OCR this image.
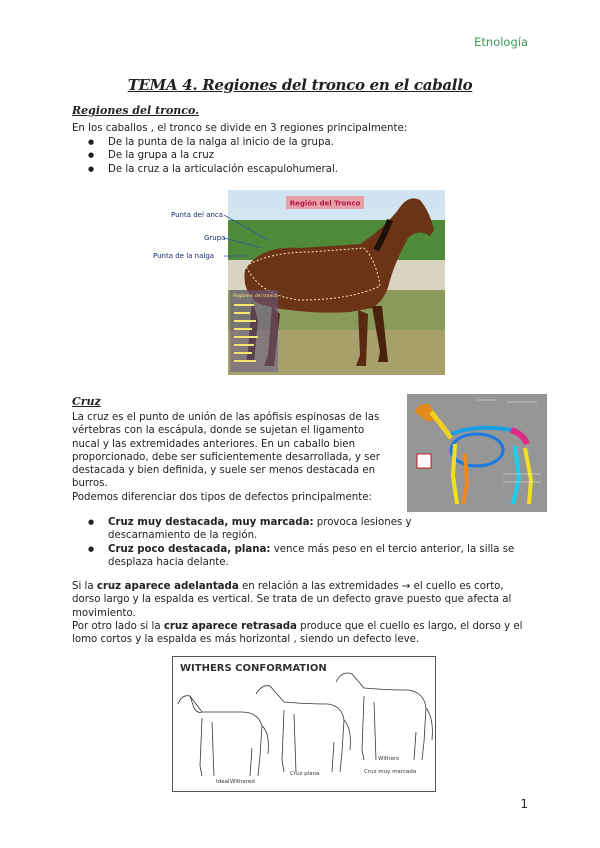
Etnología
TEMA 4. Regiones del tronco en el caballo
Regiones del tronco.
En los caballos , el tronco se divide en 3 regiones principalmente:
● De la punta de la nalga al inicio de la grupa.
● De la grupa a la cruz
● De la cruz a la articulación escapulohumeral.
Región del Tronco
Regiones del tronco
Punta del anca
Grupa
Punta de la nalga
Cruz
La cruz es el punto de unión de las apófisis espinosas de las
vértebras con la escápula, donde se sujetan el ligamento
nucal y las extremidades anteriores. En un caballo bien
proporcionado, debe ser suficientemente desarrollada, y ser
destacada y bien definida, y suele ser menos destacada en
burros.
Podemos diferenciar dos tipos de defectos principalmente:
● Cruz muy destacada, muy marcada: provoca lesiones y
descarnamiento de la región.
● Cruz poco destacada, plana: vence más peso en el tercio anterior, la silla se
desplaza hacia delante.
Si la cruz aparece adelantada en relación a las extremidades → el cuello es corto,
dorso largo y la espalda es vertical. Se trata de un defecto grave puesto que afecta al
movimiento.
Por otro lado si la cruz aparece retrasada produce que el cuello es largo, el dorso y el
lomo cortos y la espalda es más horizontal , siendo un defecto leve.
WITHERS CONFORMATION
Ideal Withered
Cruz plana
Withers
Cruz muy marcada
1
